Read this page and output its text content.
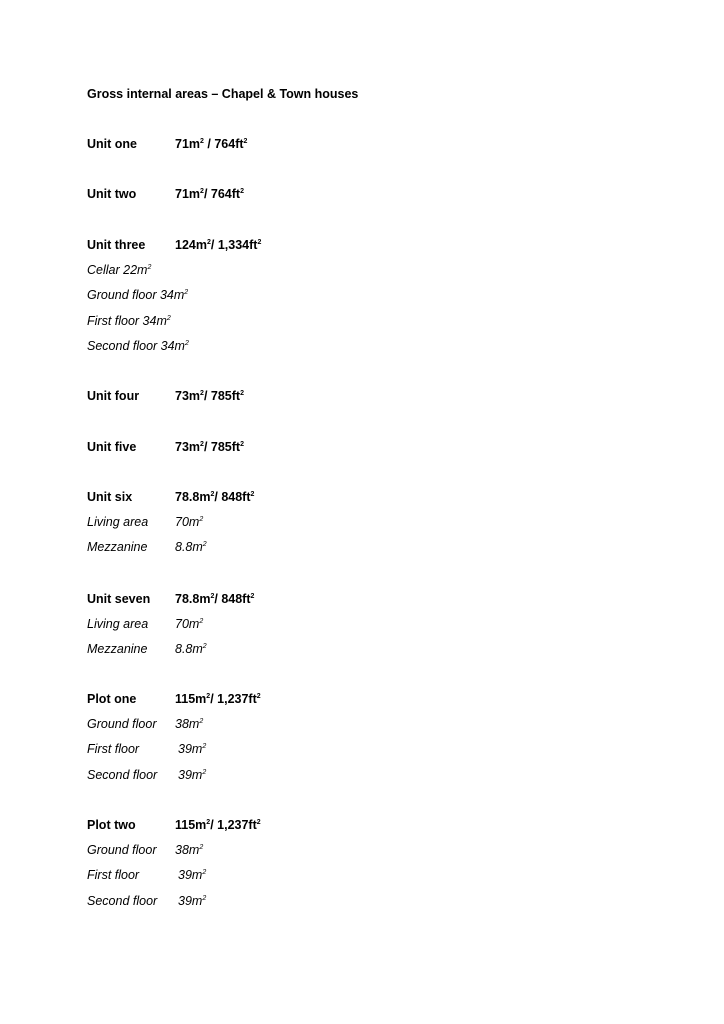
Gross internal areas – Chapel & Town houses
Unit one	$71m^2 / 764ft^2$
Unit two	$71m^2/$ $764ft^2$
Unit three $124m^2/$ $1,334ft^2$
Cellar $22m^2$
Ground floor $34m^2$
First floor $34m^2$
Second floor $34m^2$
Unit four	$73m^2/$ $785ft^2$
Unit five	$73m^2/$ $785ft^2$
Unit six	$78.8m^2/$ $848ft^2$
Living area $70m^2$
Mezzanine $8.8m^2$
Unit seven $78.8m^2/$ $848ft^2$
Living area $70m^2$
Mezzanine $8.8m^2$
Plot one	$115m^2/$ $1,237ft^2$
Ground floor $38m^2$
First floor	$39m^2$
Second floor $39m^2$
Plot two	$115m^2/$ $1,237ft^2$
Ground floor $38m^2$
First floor	$39m^2$
Second floor $39m^2$
